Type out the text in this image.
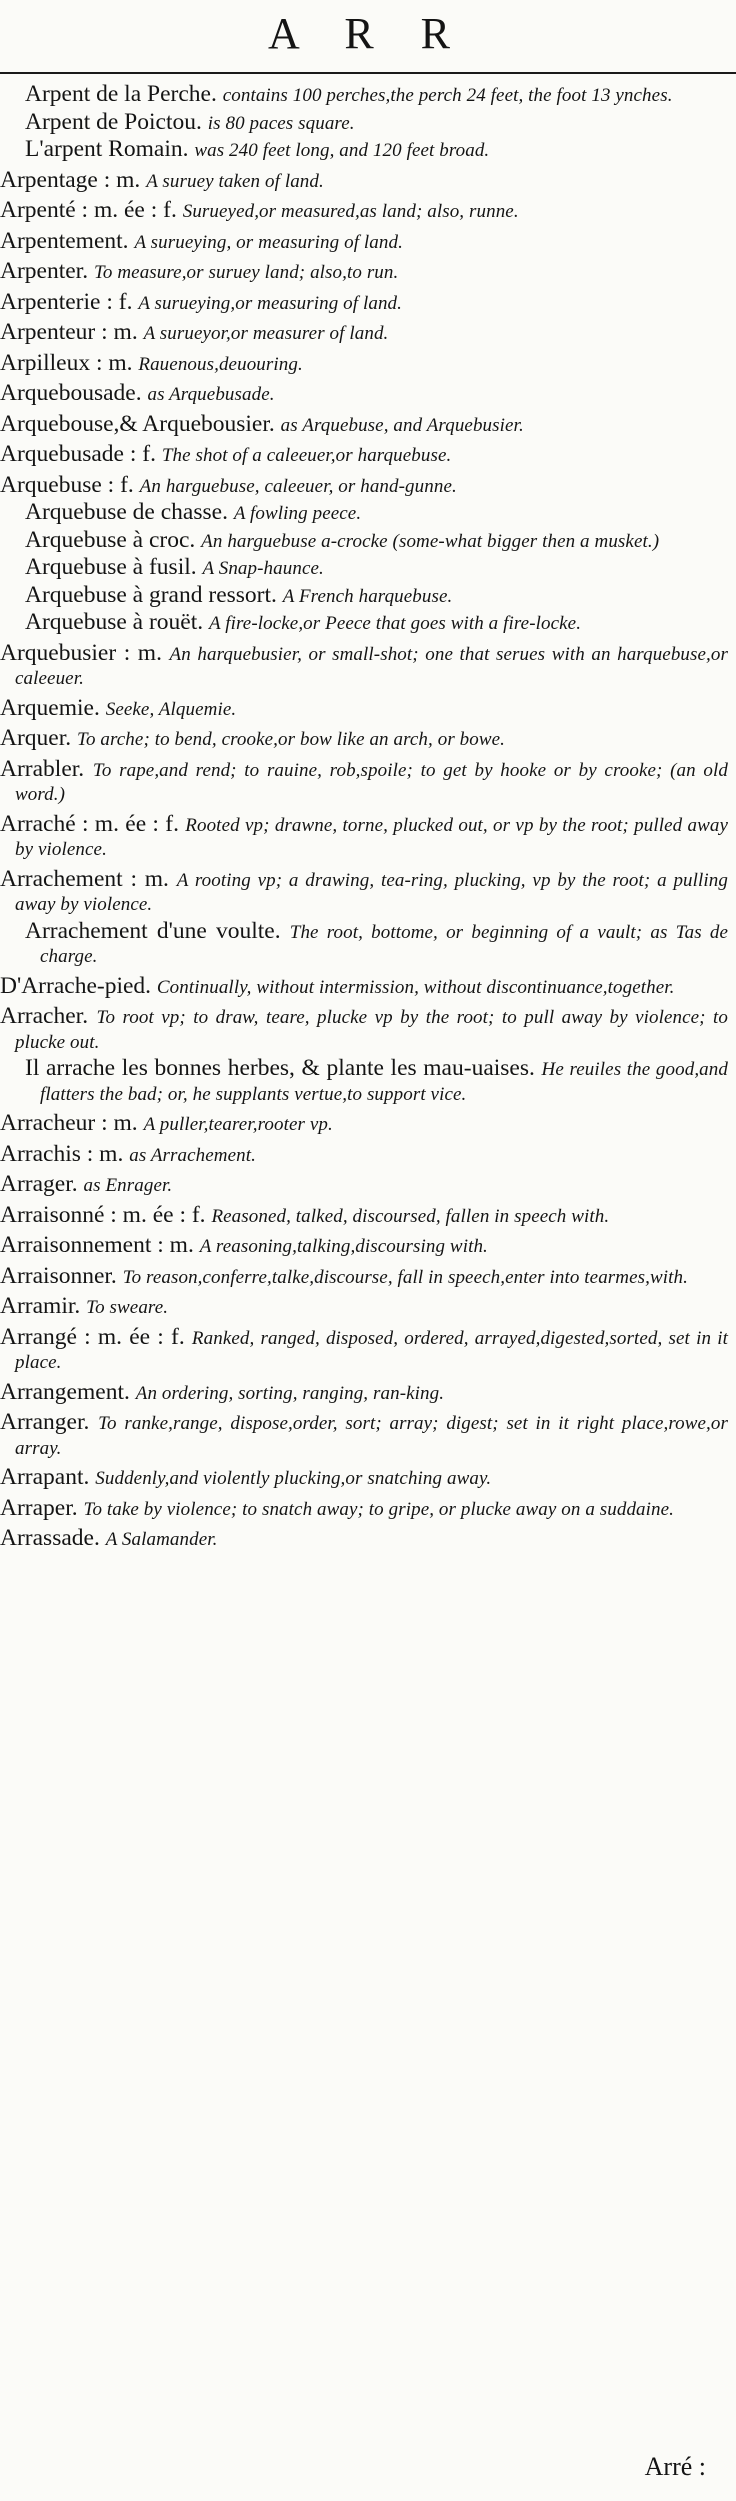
A R R

Arpent de la Perche. contains 100 perches,the perch 24 feet, the foot 13 ynches.

Arpent de Poictou. is 80 paces square.

L'arpent Romain. was 240 feet long, and 120 feet broad.

Arpentage : m. A surueу taken of land.

Arpenté : m. ée : f. Surueyed,or measured,as land; also, runne.

Arpentement. A surueying, or measuring of land.

Arpenter. To measure,or suruey land; also,to run.

Arpenterie : f. A surueying,or measuring of land.

Arpenteur : m. A surueyor,or measurer of land.

Arpilleux : m. Rauenous,deuouring.

Arquebousade. as Arquebusade.

Arquebouse,& Arquebousier. as Arquebuse, and Arquebusier.

Arquebusade : f. The shot of a caleeuer,or harquebuse.

Arquebuse : f. An harguebuse, caleeuer, or hand-gunne.

Arquebuse de chasse. A fowling peece.

Arquebuse à croc. An harguebuse a-crocke (some-what bigger then a musket.)

Arquebuse à fusil. A Snap-haunce.

Arquebuse à grand ressort. A French harquebuse.

Arquebuse à rouët. A fire-locke,or Peece that goes with a fire-locke.

Arquebusier : m. An harquebusier, or small-shot; one that serues with an harquebuse,or caleeuer.

Arquemie. Seeke, Alquemie.

Arquer. To arche; to bend, crooke,or bow like an arch, or bowe.

Arrabler. To rape,and rend; to rauine, rob,spoile; to get by hooke or by crooke; (an old word.)

Arraché : m. ée : f. Rooted vp; drawne, torne, plucked out, or vp by the root; pulled away by violence.

Arrachement : m. A rooting vp; a drawing, tea-ring, plucking, vp by the root; a pulling away by violence.

Arrachement d'une voulte. The root, bottome, or beginning of a vault; as Tas de charge.

D'Arrache-pied. Continually, without intermission, without discontinuance,together.

Arracher. To root vp; to draw, teare, plucke vp by the root; to pull away by violence; to plucke out.

Il arrache les bonnes herbes, & plante les mau-uaises. He reuiles the good,and flatters the bad; or, he supplants vertue,to support vice.

Arracheur : m. A puller,tearer,rooter vp.

Arrachis : m. as Arrachement.

Arrager. as Enrager.

Arraisonné : m. ée : f. Reasoned, talked, discoursed, fallen in speech with.

Arraisonnement : m. A reasoning,talking,discoursing with.

Arraisonner. To reason,conferre,talke,discourse, fall in speech,enter into tearmes,with.

Arramir. To sweare.

Arrangé : m. ée : f. Ranked, ranged, disposed, ordered, arrayed,digested,sorted, set in it place.

Arrangement. An ordering, sorting, ranging, ran-king.

Arranger. To ranke,range, dispose,order, sort; array; digest; set in it right place,rowe,or array.

Arrapant. Suddenly,and violently plucking,or snatching away.

Arraper. To take by violence; to snatch away; to gripe, or plucke away on a suddaine.

Arrassade. A Salamander.

Arré :
